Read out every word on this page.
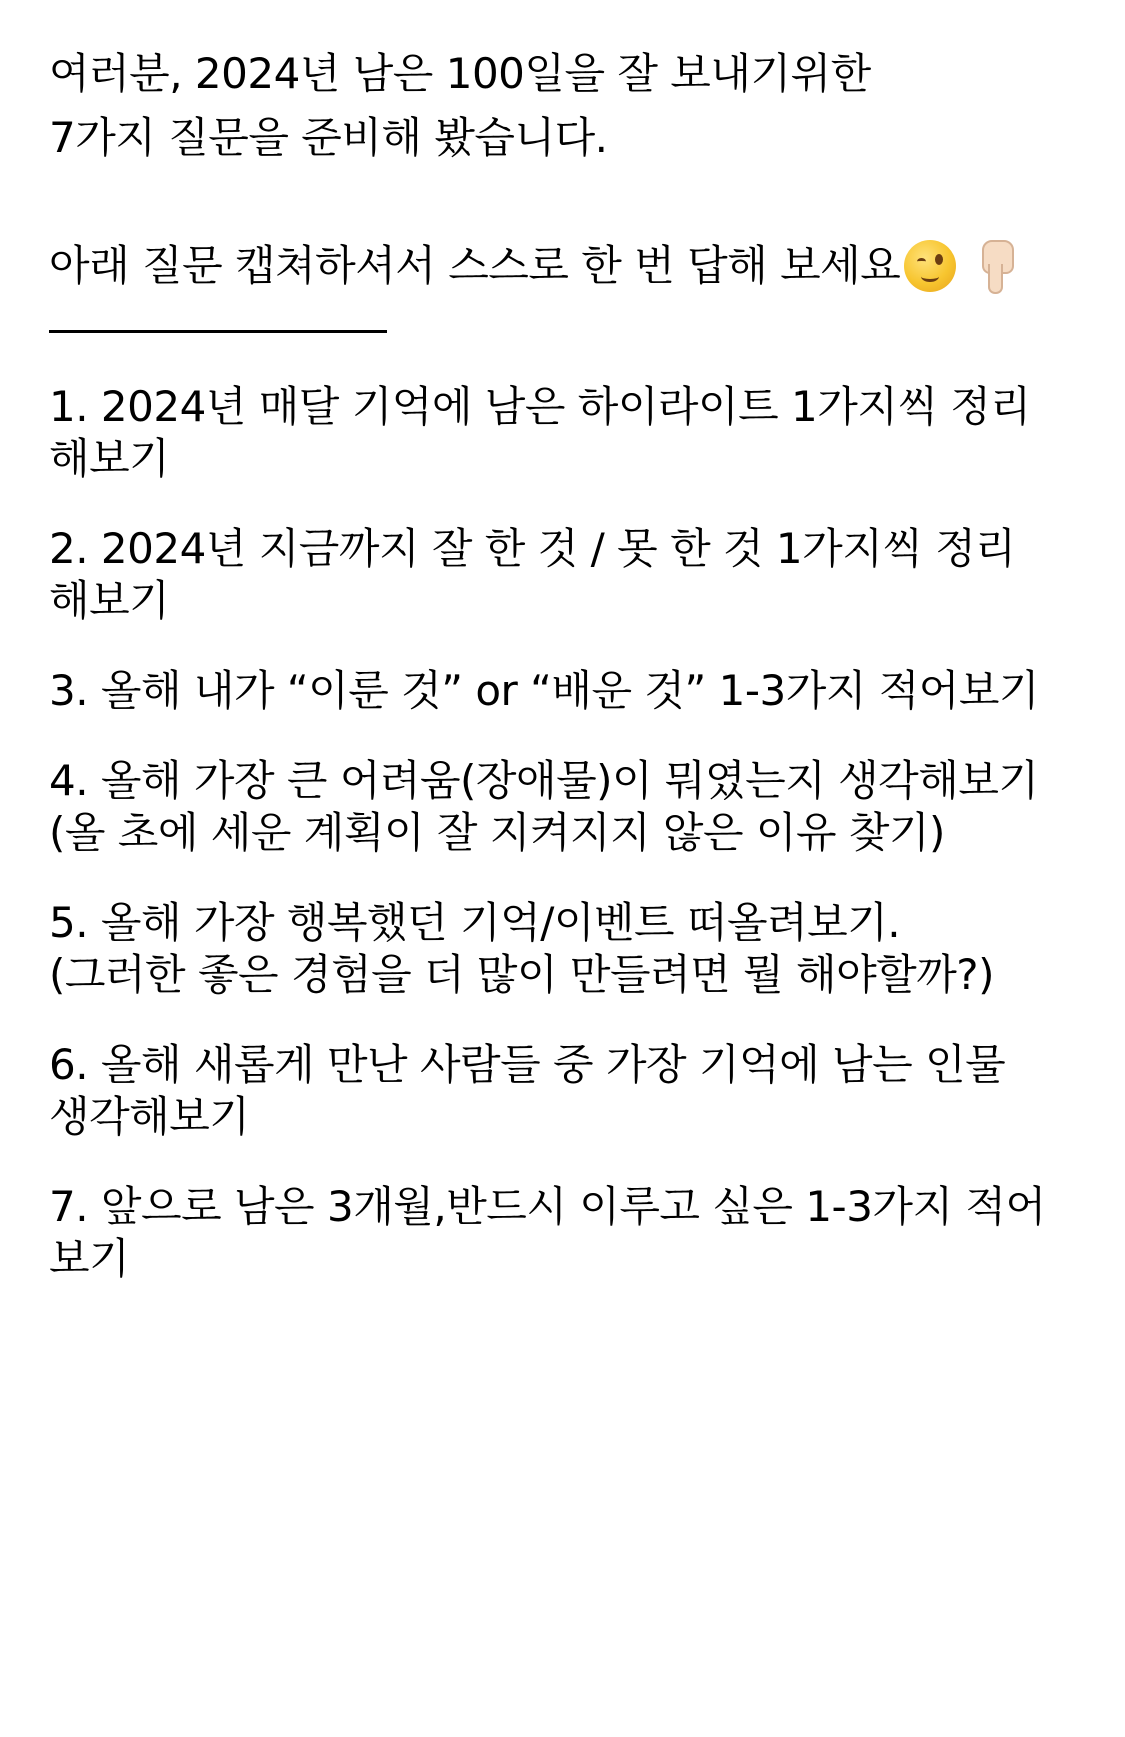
여러분, 2024년 남은 100일을 잘 보내기위한
7가지 질문을 준비해 봤습니다.
아래 질문 캡쳐하셔서 스스로 한 번 답해 보세요
1. 2024년 매달 기억에 남은 하이라이트 1가지씩 정리
해보기
2. 2024년 지금까지 잘 한 것 / 못 한 것 1가지씩 정리
해보기
3. 올해 내가 “이룬 것” or “배운 것” 1-3가지 적어보기
4. 올해 가장 큰 어려움(장애물)이 뭐였는지 생각해보기
(올 초에 세운 계획이 잘 지켜지지 않은 이유 찾기)
5. 올해 가장 행복했던 기억/이벤트 떠올려보기.
(그러한 좋은 경험을 더 많이 만들려면 뭘 해야할까?)
6. 올해 새롭게 만난 사람들 중 가장 기억에 남는 인물
생각해보기
7. 앞으로 남은 3개월,반드시 이루고 싶은 1-3가지 적어
보기
